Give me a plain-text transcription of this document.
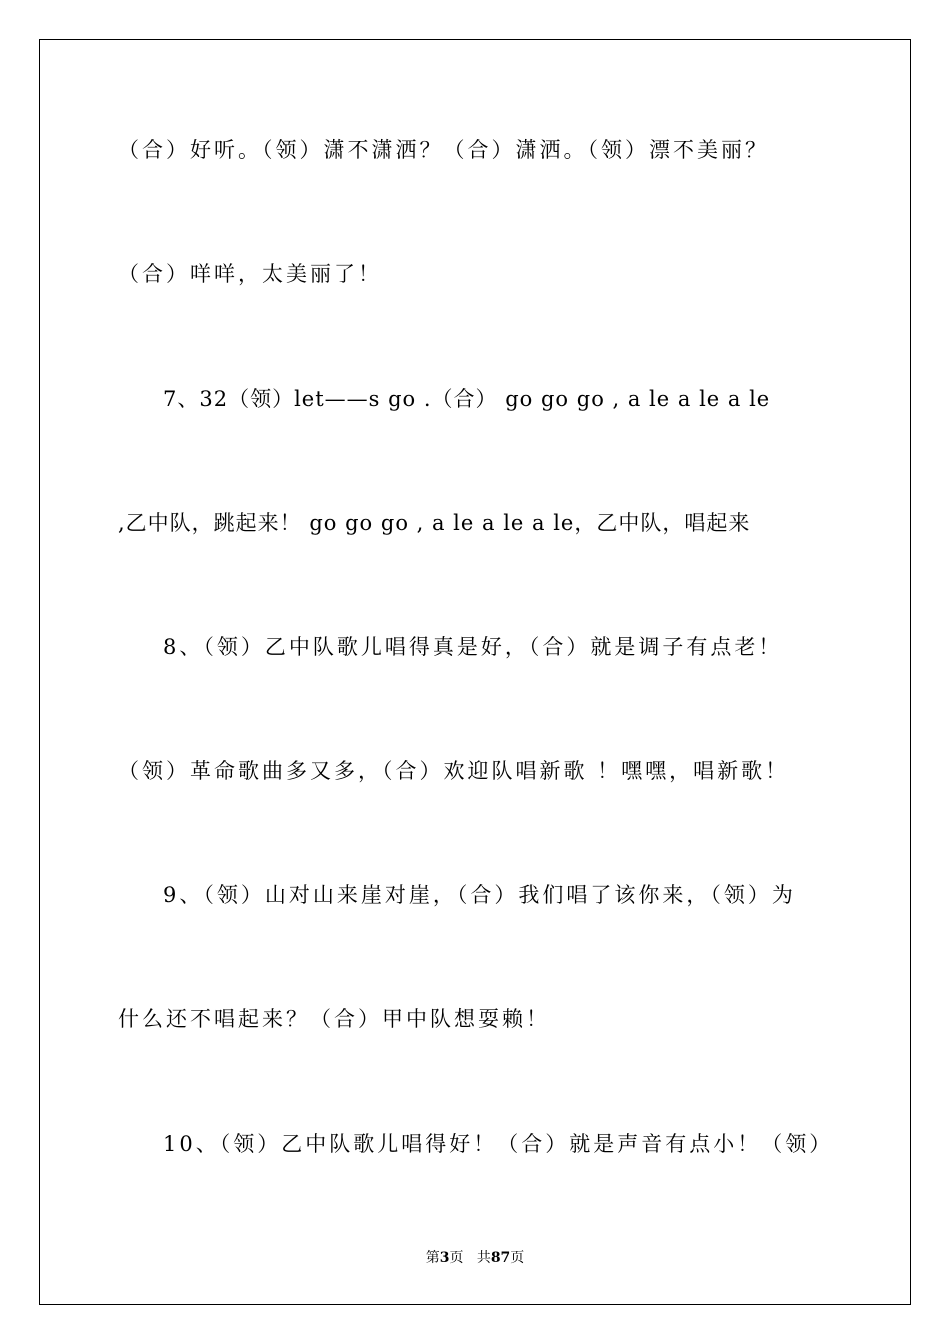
（合）好听。（领）潇不潇洒？（合）潇洒。（领）漂不美丽？
（合）咩咩，太美丽了！
7、32（领）let——s go .（合） go go go , a le a le a le
,乙中队，跳起来！ go go go , a le a le a le，乙中队，唱起来
8、（领）乙中队歌儿唱得真是好，（合）就是调子有点老！
（领）革命歌曲多又多，（合）欢迎队唱新歌 ！嘿嘿，唱新歌！
9、（领）山对山来崖对崖，（合）我们唱了该你来，（领）为
什么还不唱起来？（合）甲中队想耍赖！
10、（领）乙中队歌儿唱得好！（合）就是声音有点小！（领）
第3页 共87页
